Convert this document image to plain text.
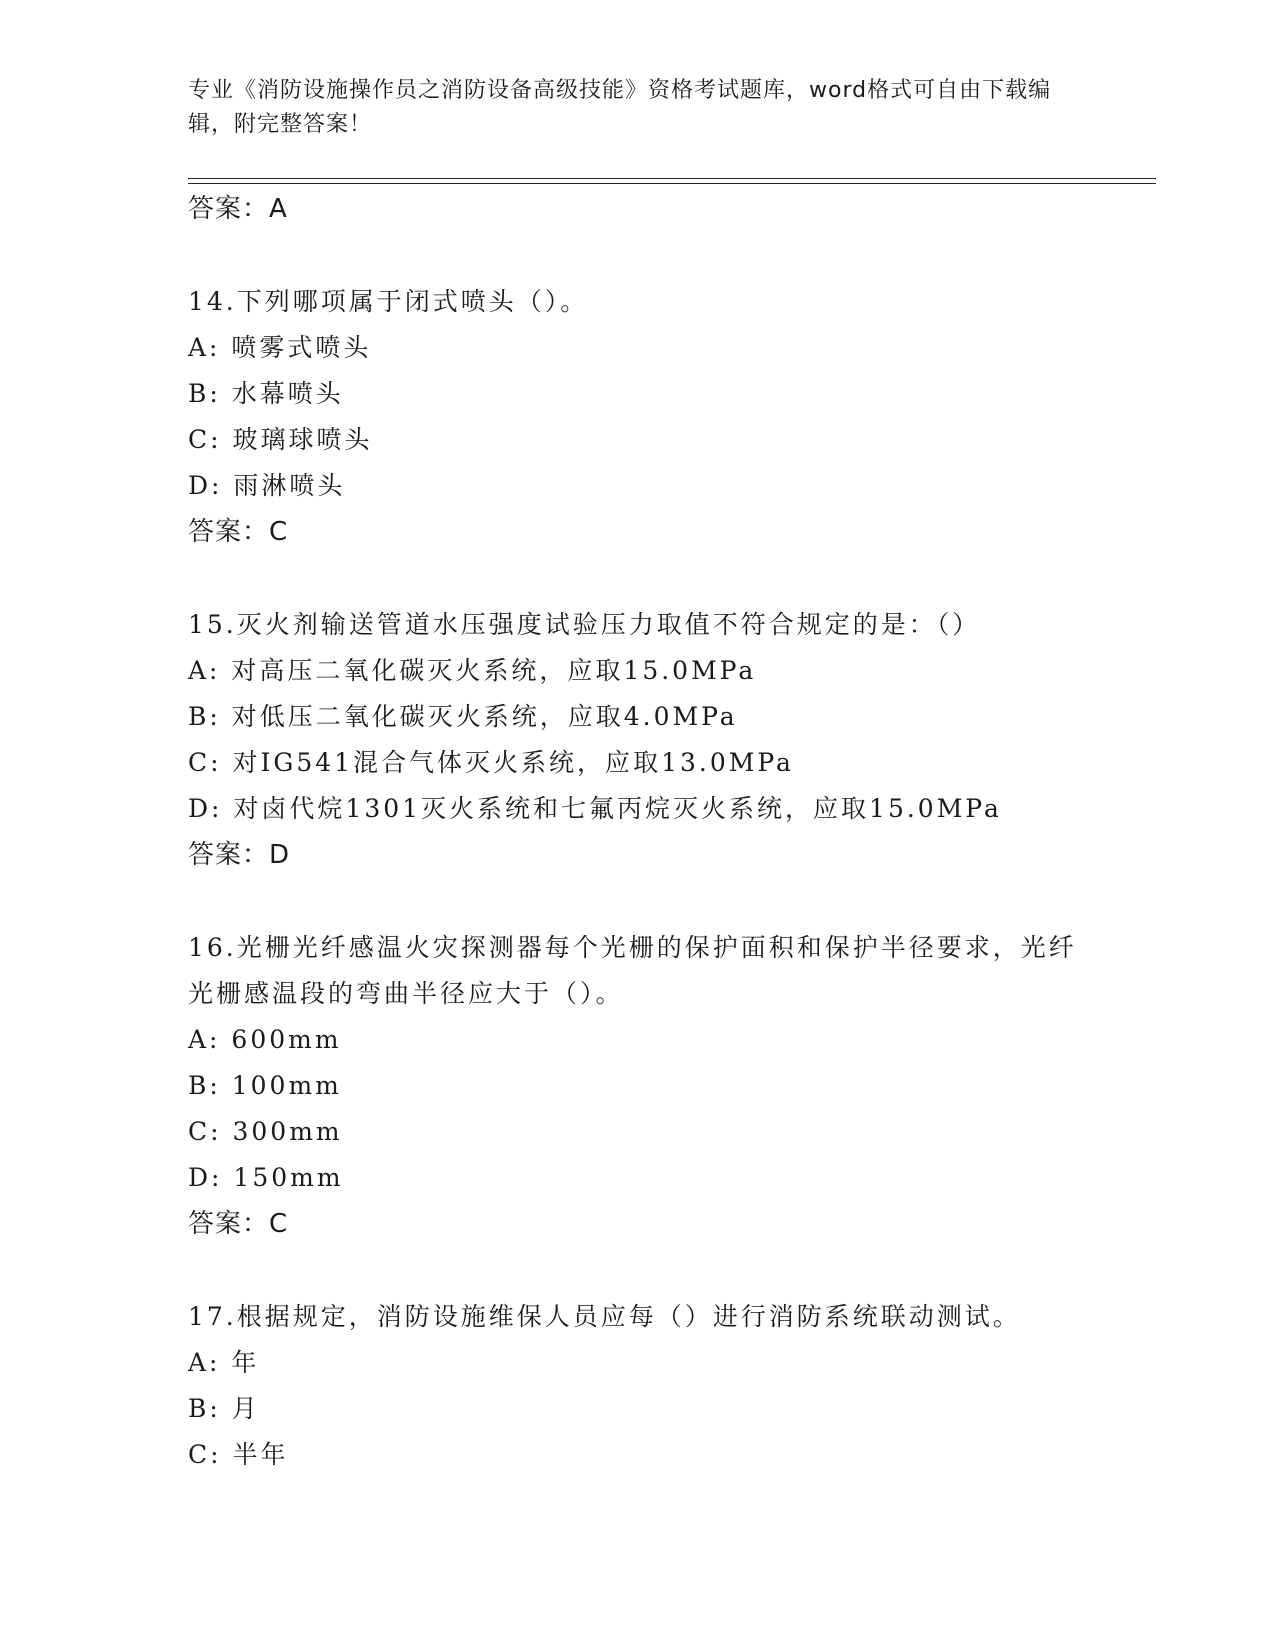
专业《消防设施操作员之消防设备高级技能》资格考试题库，word格式可自由下载编辑，附完整答案！
答案：A
14.下列哪项属于闭式喷头（）。
A: 喷雾式喷头
B: 水幕喷头
C: 玻璃球喷头
D: 雨淋喷头
答案：C
15.灭火剂输送管道水压强度试验压力取值不符合规定的是：（）
A: 对高压二氧化碳灭火系统，应取15.0MPa
B: 对低压二氧化碳灭火系统，应取4.0MPa
C: 对IG541混合气体灭火系统，应取13.0MPa
D: 对卤代烷1301灭火系统和七氟丙烷灭火系统，应取15.0MPa
答案：D
16.光栅光纤感温火灾探测器每个光栅的保护面积和保护半径要求，光纤光栅感温段的弯曲半径应大于（）。
A: 600mm
B: 100mm
C: 300mm
D: 150mm
答案：C
17.根据规定，消防设施维保人员应每（）进行消防系统联动测试。
A: 年
B: 月
C: 半年
